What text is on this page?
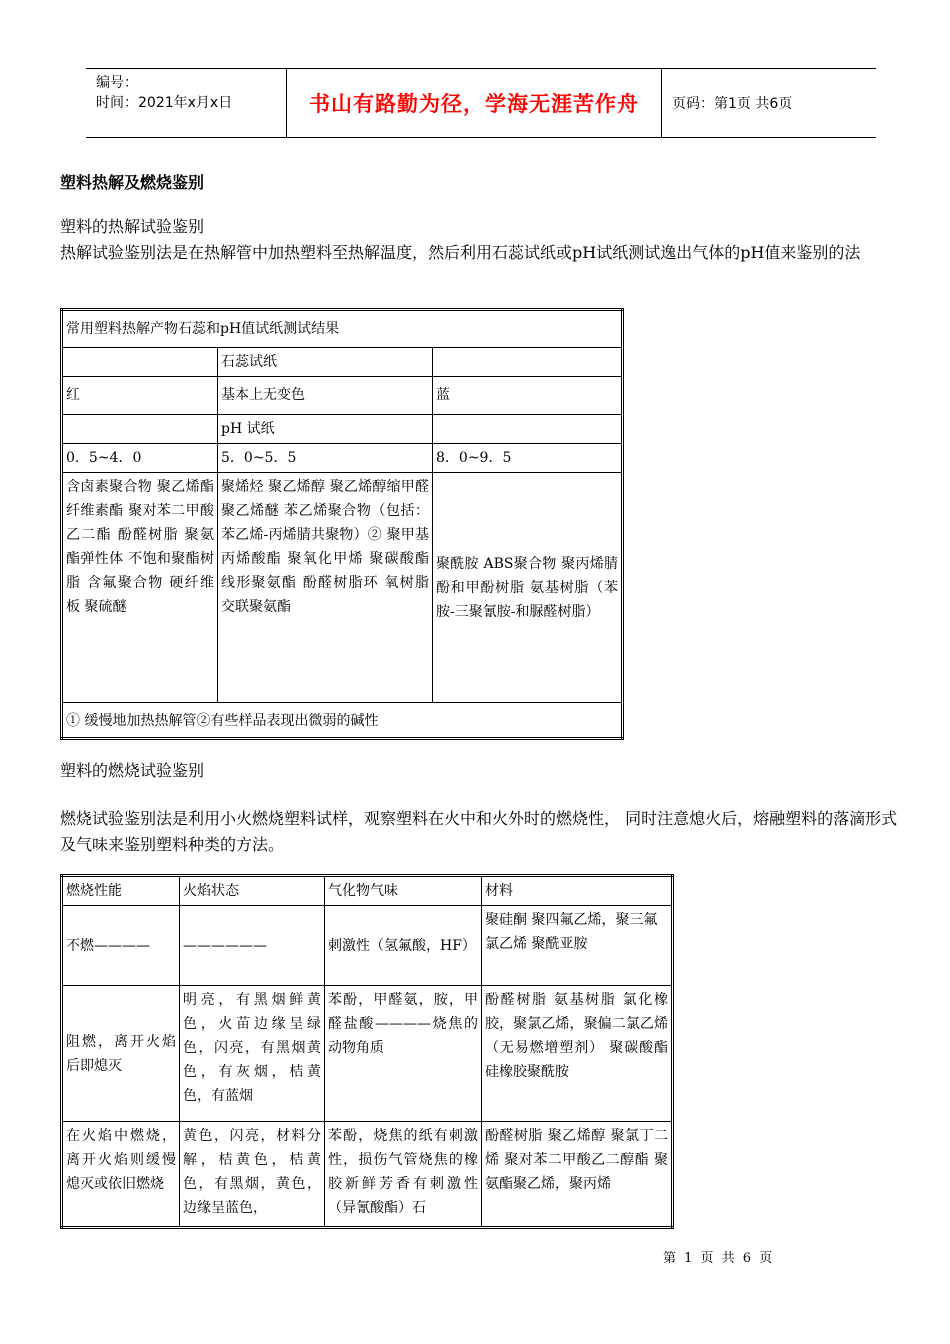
编号：
时间：2021年x月x日	书山有路勤为径，学海无涯苦作舟	页码：第1页 共6页
塑料热解及燃烧鉴别
塑料的热解试验鉴别
热解试验鉴别法是在热解管中加热塑料至热解温度，然后利用石蕊试纸或pH试纸测试逸出气体的pH值来鉴别的法
常用塑料热解产物石蕊和pH值试纸测试结果		
	石蕊试纸	
红	基本上无变色	蓝
	pH 试纸	
0．5~4．0	5．0~5．5	8．0~9．5
含卤素聚合物 聚乙烯酯 纤维素酯 聚对苯二甲酸乙二酯 酚醛树脂 聚氨酯弹性体 不饱和聚酯树脂 含氟聚合物 硬纤维板 聚硫醚	聚烯烃 聚乙烯醇 聚乙烯醇缩甲醛 聚乙烯醚 苯乙烯聚合物（包括：苯乙烯-丙烯腈共聚物）② 聚甲基丙烯酸酯 聚氧化甲烯 聚碳酸酯 线形聚氨酯 酚醛树脂环 氧树脂 交联聚氨酯	聚酰胺 ABS聚合物 聚丙烯腈 酚和甲酚树脂 氨基树脂（苯胺-三聚氰胺-和脲醛树脂）
① 缓慢地加热热解管②有些样品表现出微弱的碱性		
塑料的燃烧试验鉴别
燃烧试验鉴别法是利用小火燃烧塑料试样，观察塑料在火中和火外时的燃烧性， 同时注意熄火后，熔融塑料的落滴形式及气味来鉴别塑料种类的方法。
燃烧性能	火焰状态	气化物气味	材料
不燃————	——————	刺激性（氢氟酸，HF）	聚硅酮 聚四氟乙烯，聚三氟氯乙烯 聚酰亚胺
阻燃，离开火焰后即熄灭	明亮，有黑烟鲜黄色，火苗边缘呈绿色，闪亮，有黑烟黄色，有灰烟，桔黄色，有蓝烟	苯酚，甲醛氨，胺，甲醛盐酸————烧焦的动物角质	酚醛树脂 氨基树脂 氯化橡胶，聚氯乙烯，聚偏二氯乙烯（无易燃增塑剂） 聚碳酸酯硅橡胶聚酰胺
在火焰中燃烧，离开火焰则缓慢熄灭或依旧燃烧	黄色，闪亮，材料分解，桔黄色，桔黄色，有黑烟，黄色，边缘呈蓝色，	苯酚，烧焦的纸有刺激性，损伤气管烧焦的橡胶新鲜芳香有刺激性（异氰酸酯）石	酚醛树脂 聚乙烯醇 聚氯丁二烯 聚对苯二甲酸乙二醇酯 聚氨酯聚乙烯，聚丙烯
第 1 页 共 6 页
